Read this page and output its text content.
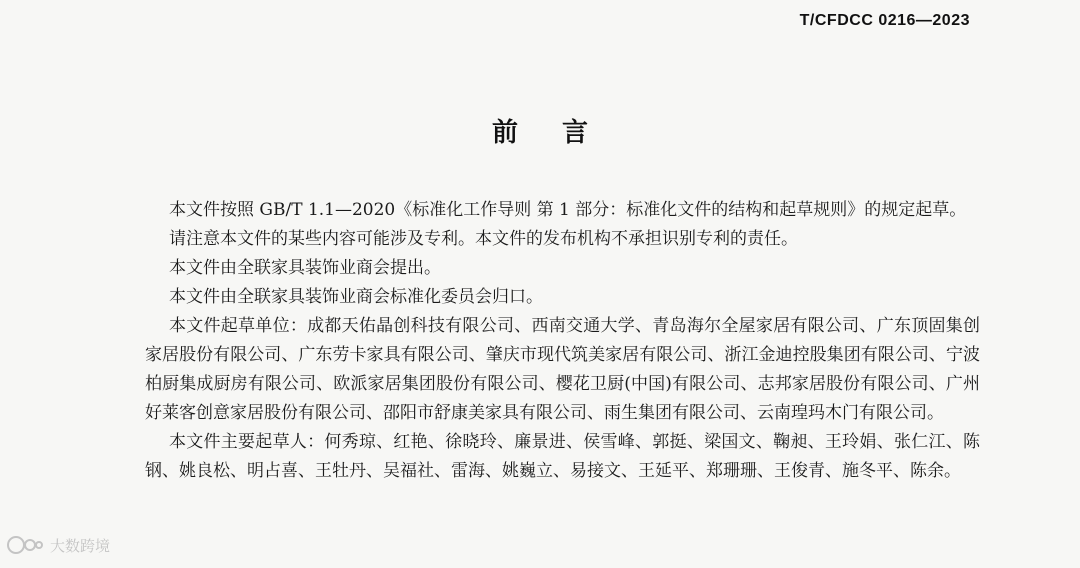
T/CFDCC 0216—2023
前言

本文件按照 GB/T 1.1—2020《标准化工作导则 第 1 部分：标准化文件的结构和起草规则》的规定起草。

请注意本文件的某些内容可能涉及专利。本文件的发布机构不承担识别专利的责任。

本文件由全联家具装饰业商会提出。

本文件由全联家具装饰业商会标准化委员会归口。

本文件起草单位：成都天佑晶创科技有限公司、西南交通大学、青岛海尔全屋家居有限公司、广东顶固集创家居股份有限公司、广东劳卡家具有限公司、肇庆市现代筑美家居有限公司、浙江金迪控股集团有限公司、宁波柏厨集成厨房有限公司、欧派家居集团股份有限公司、樱花卫厨(中国)有限公司、志邦家居股份有限公司、广州好莱客创意家居股份有限公司、邵阳市舒康美家具有限公司、雨生集团有限公司、云南瑝玛木门有限公司。

本文件主要起草人：何秀琼、红艳、徐晓玲、廉景进、侯雪峰、郭挺、梁国文、鞠昶、王玲娟、张仁江、陈钢、姚良松、明占喜、王牡丹、吴福社、雷海、姚巍立、易接文、王延平、郑珊珊、王俊青、施冬平、陈余。

大数跨境
